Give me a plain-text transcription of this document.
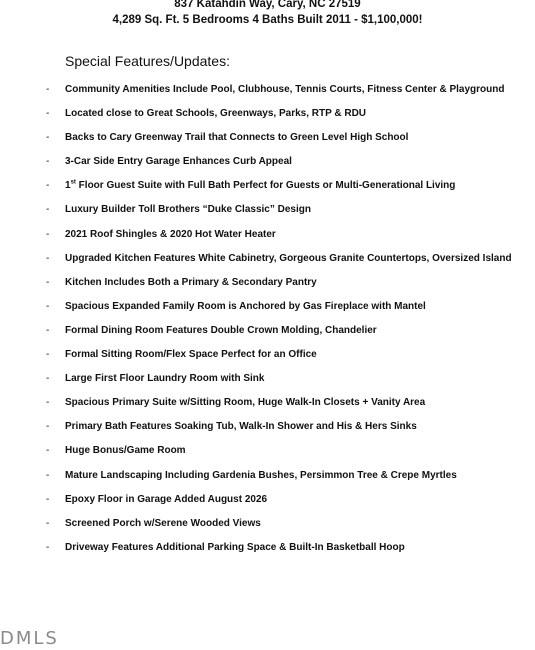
837 Katahdin Way, Cary, NC 27519
4,289 Sq. Ft. 5 Bedrooms 4 Baths Built 2011 - $1,100,000!
Special Features/Updates:
- Community Amenities Include Pool, Clubhouse, Tennis Courts, Fitness Center & Playground
- Located close to Great Schools, Greenways, Parks, RTP & RDU
- Backs to Cary Greenway Trail that Connects to Green Level High School
- 3-Car Side Entry Garage Enhances Curb Appeal
- 1st Floor Guest Suite with Full Bath Perfect for Guests or Multi-Generational Living
- Luxury Builder Toll Brothers “Duke Classic” Design
- 2021 Roof Shingles & 2020 Hot Water Heater
- Upgraded Kitchen Features White Cabinetry, Gorgeous Granite Countertops, Oversized Island
- Kitchen Includes Both a Primary & Secondary Pantry
- Spacious Expanded Family Room is Anchored by Gas Fireplace with Mantel
- Formal Dining Room Features Double Crown Molding, Chandelier
- Formal Sitting Room/Flex Space Perfect for an Office
- Large First Floor Laundry Room with Sink
- Spacious Primary Suite w/Sitting Room, Huge Walk-In Closets + Vanity Area
- Primary Bath Features Soaking Tub, Walk-In Shower and His & Hers Sinks
- Huge Bonus/Game Room
- Mature Landscaping Including Gardenia Bushes, Persimmon Tree & Crepe Myrtles
- Epoxy Floor in Garage Added August 2026
- Screened Porch w/Serene Wooded Views
- Driveway Features Additional Parking Space & Built-In Basketball Hoop
DMLS
